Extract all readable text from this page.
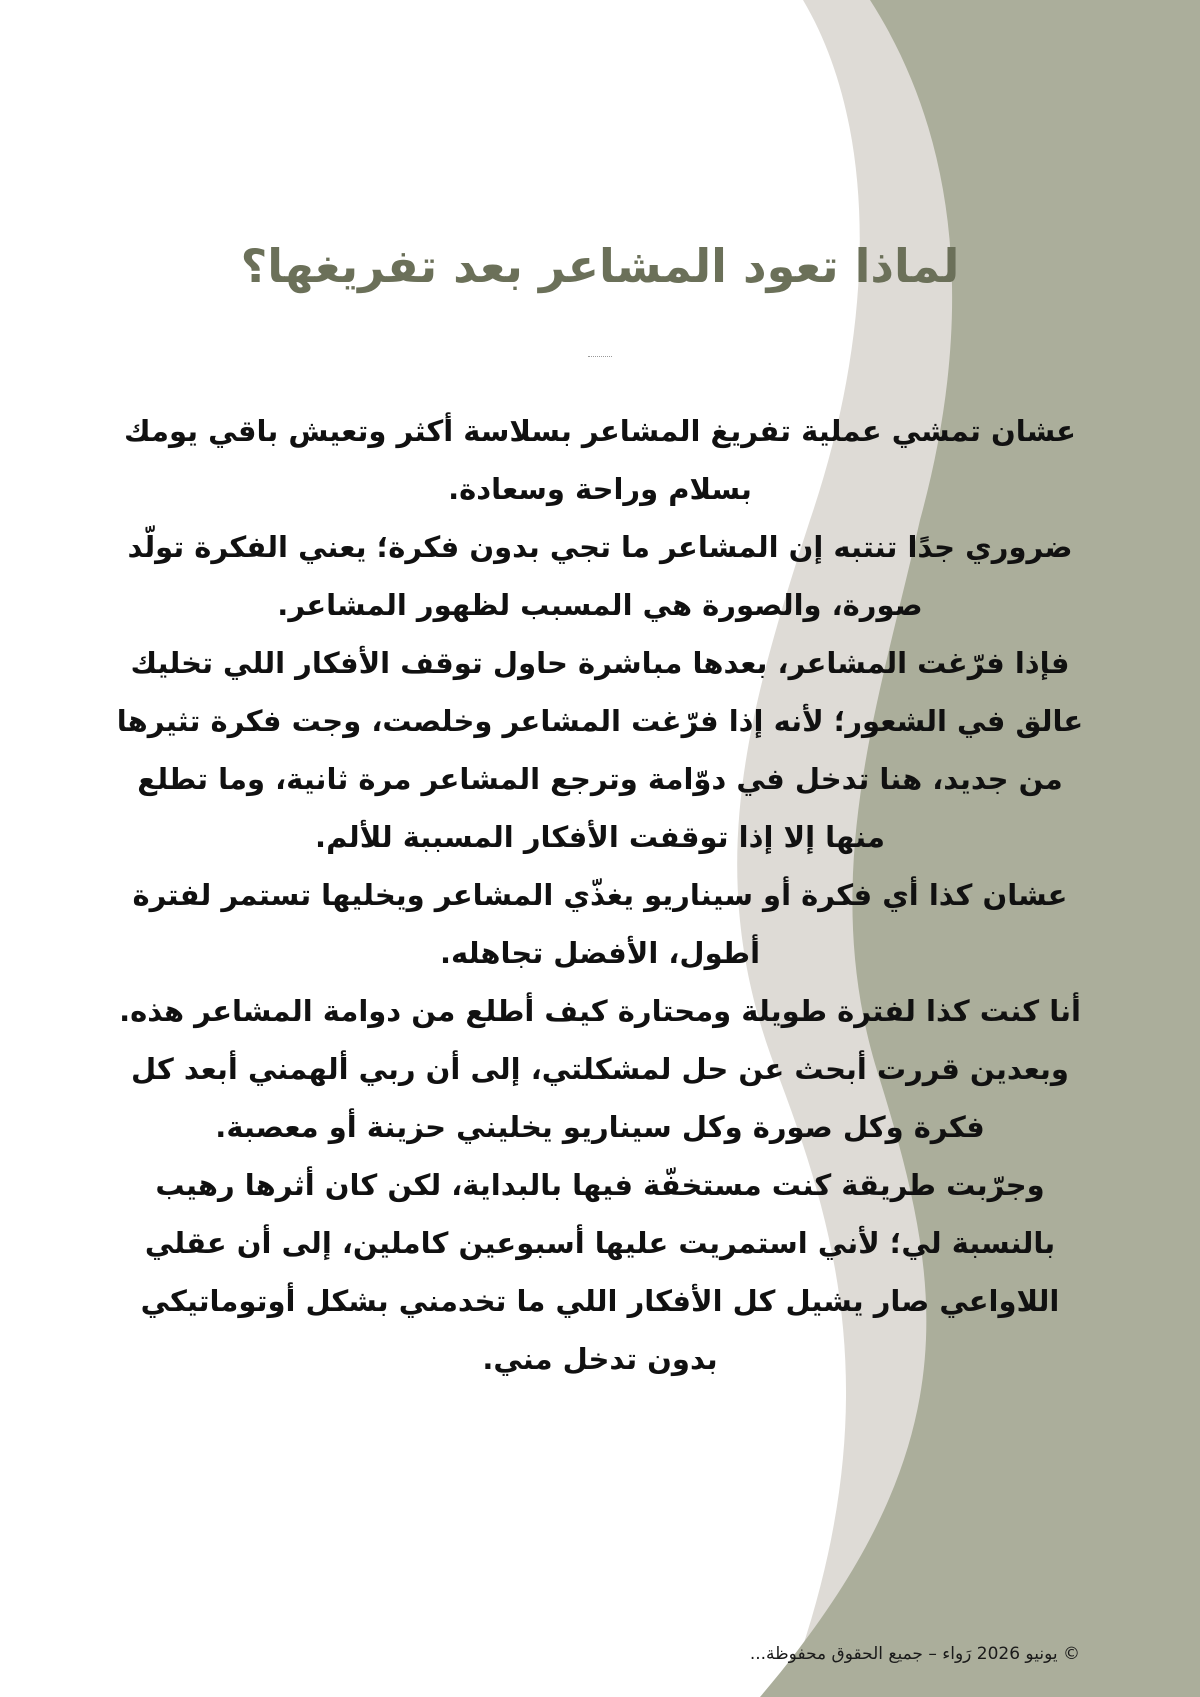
لماذا تعود المشاعر بعد تفريغها؟

عشان تمشي عملية تفريغ المشاعر بسلاسة أكثر وتعيش باقي يومك بسلام وراحة وسعادة.

ضروري جدًا تنتبه إن المشاعر ما تجي بدون فكرة؛ يعني الفكرة تولّد صورة، والصورة هي المسبب لظهور المشاعر.

فإذا فرّغت المشاعر، بعدها مباشرة حاول توقف الأفكار اللي تخليك عالق في الشعور؛ لأنه إذا فرّغت المشاعر وخلصت، وجت فكرة تثيرها من جديد، هنا تدخل في دوّامة وترجع المشاعر مرة ثانية، وما تطلع منها إلا إذا توقفت الأفكار المسببة للألم.

عشان كذا أي فكرة أو سيناريو يغذّي المشاعر ويخليها تستمر لفترة أطول، الأفضل تجاهله.

أنا كنت كذا لفترة طويلة ومحتارة كيف أطلع من دوامة المشاعر هذه.

وبعدين قررت أبحث عن حل لمشكلتي، إلى أن ربي ألهمني أبعد كل فكرة وكل صورة وكل سيناريو يخليني حزينة أو معصبة.

وجرّبت طريقة كنت مستخفّة فيها بالبداية، لكن كان أثرها رهيب بالنسبة لي؛ لأني استمريت عليها أسبوعين كاملين، إلى أن عقلي اللاواعي صار يشيل كل الأفكار اللي ما تخدمني بشكل أوتوماتيكي بدون تدخل مني.

© يونيو 2026 رَواء – جميع الحقوق محفوظة...
